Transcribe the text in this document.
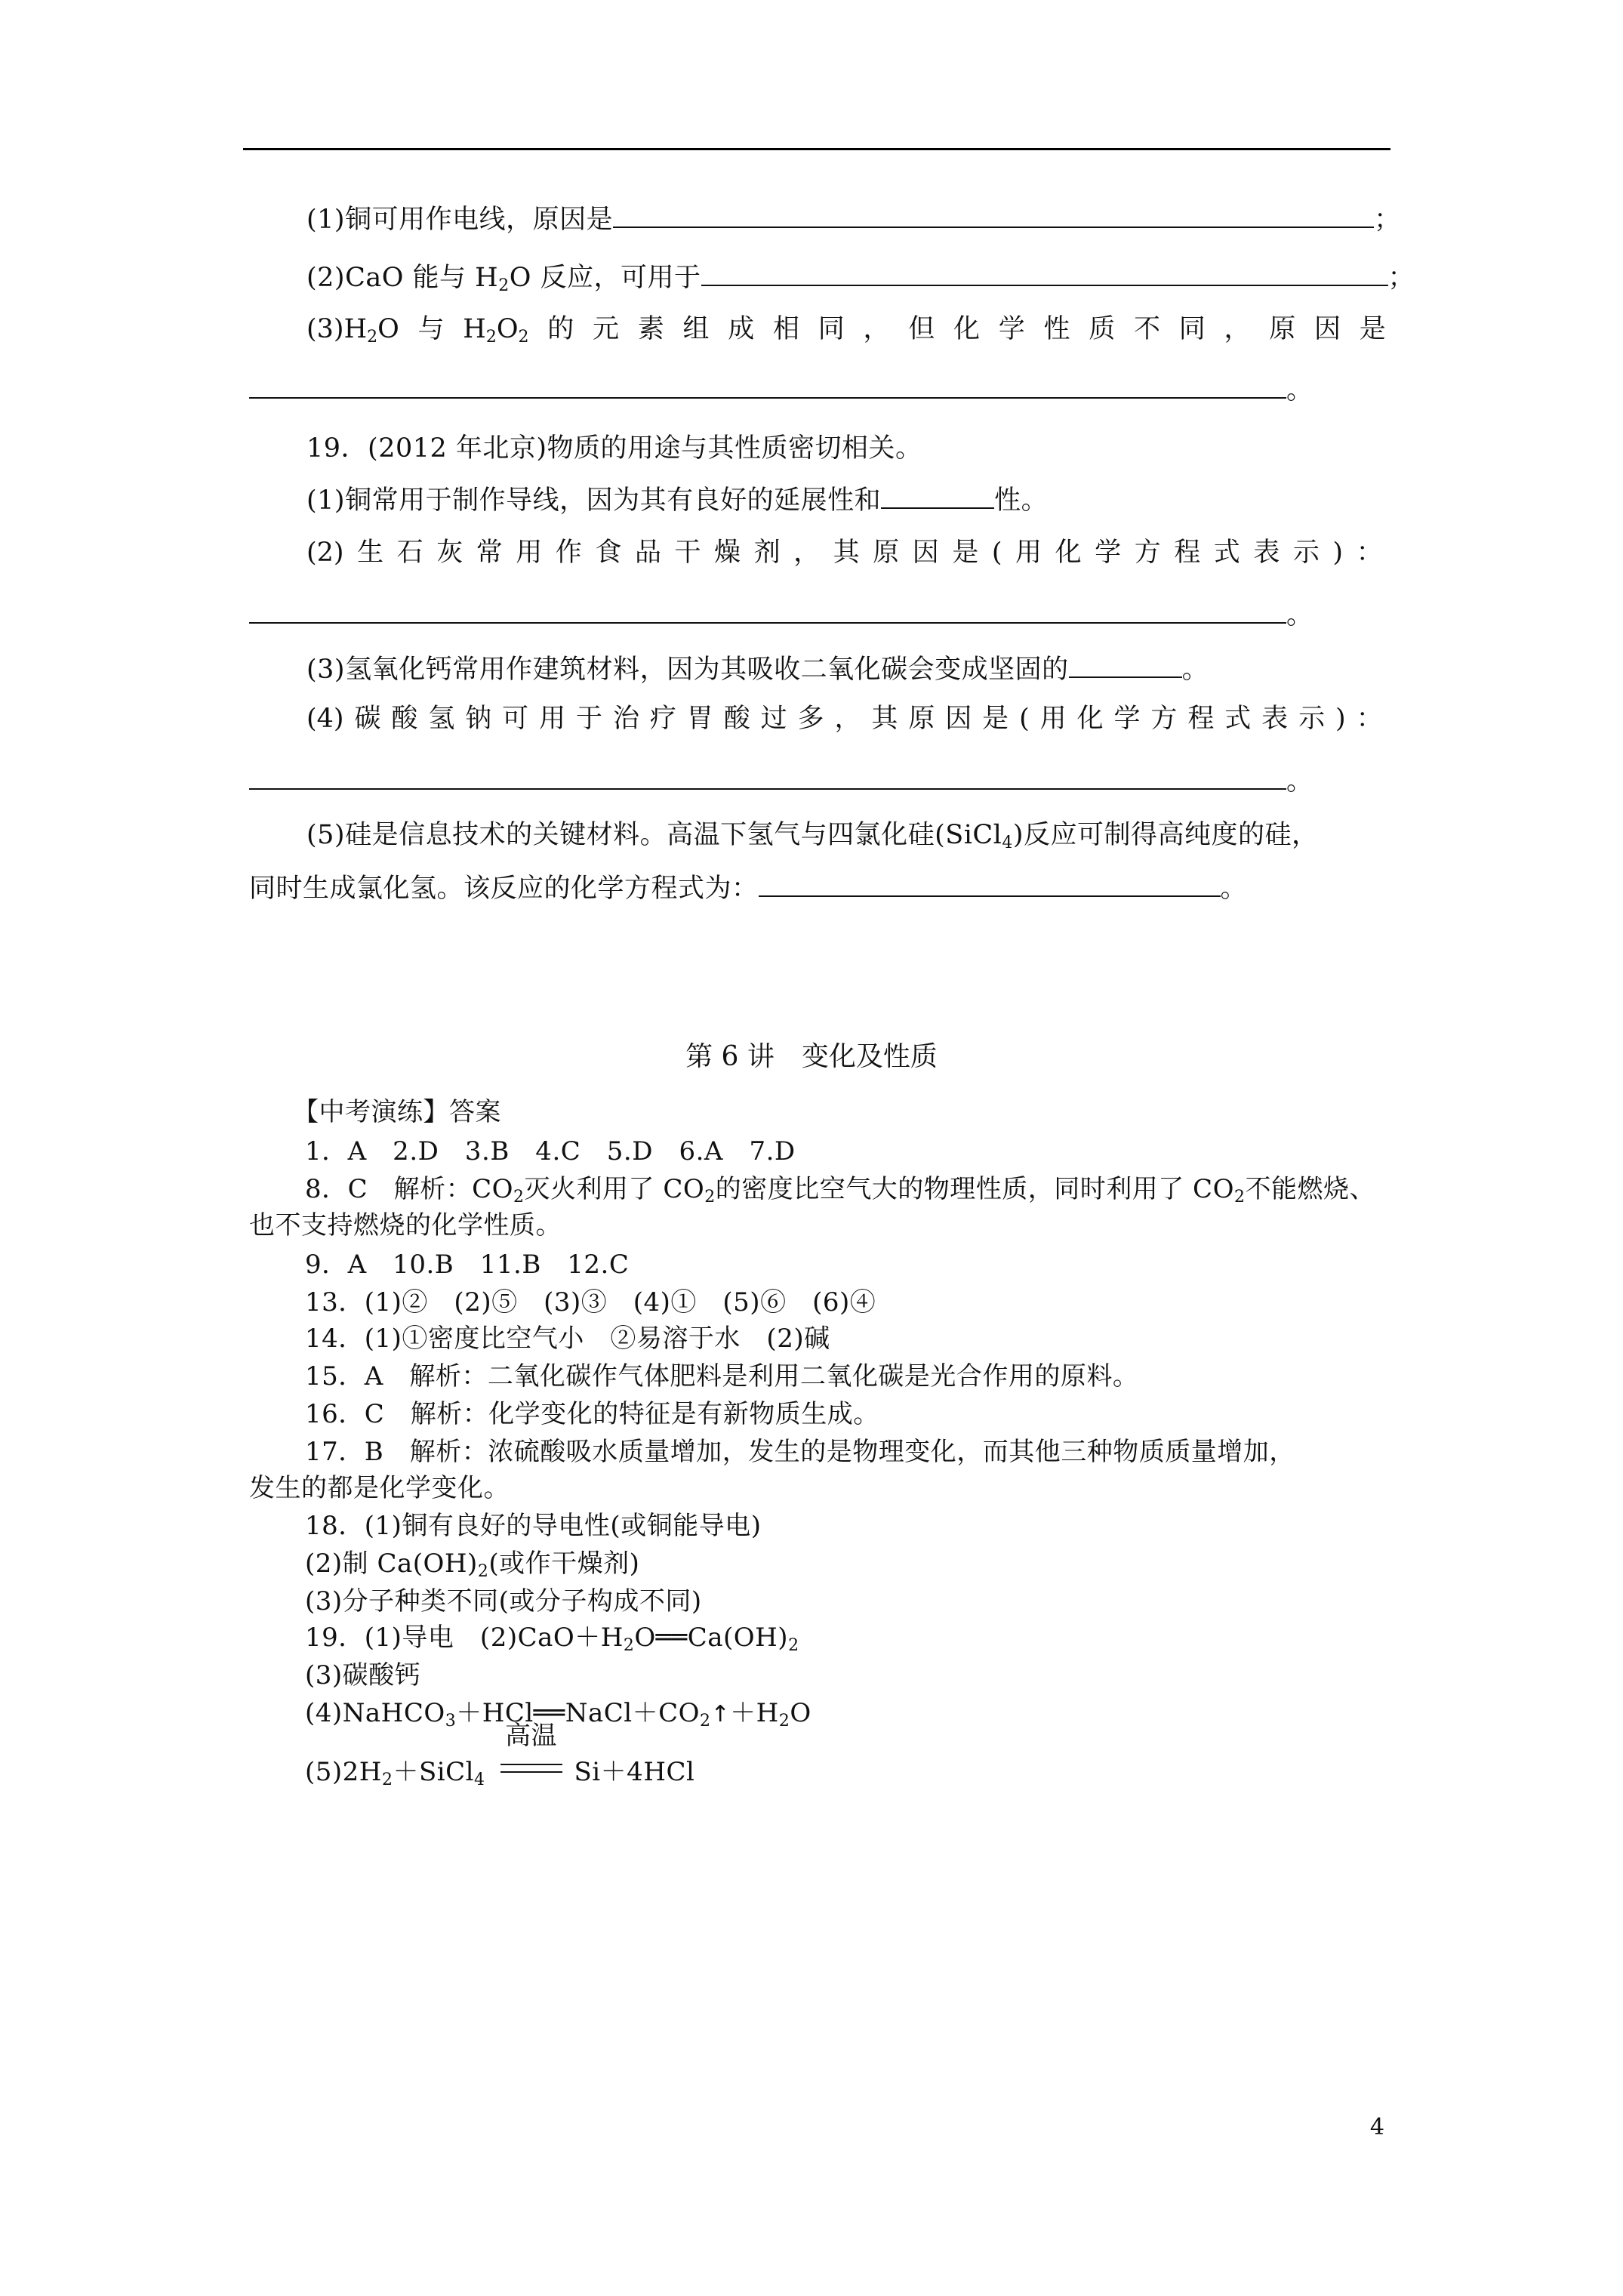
(1)铜可用作电线，原因是	；
(2)CaO 能与 $H_2O$ 反应，可用于	；
$(3)H_2O$ 与 $H_2O_2$ 的 元 素 组 成 相 同 ， 但 化 学 性 质 不 同 ， 原 因 是
。
19．(2012 年北京)物质的用途与其性质密切相关。
(1)铜常用于制作导线，因为其有良好的延展性和	性。
(2) 生 石 灰 常 用 作 食 品 干 燥 剂 ， 其 原 因 是 ( 用 化 学 方 程 式 表 示 ) ：
。
(3)氢氧化钙常用作建筑材料，因为其吸收二氧化碳会变成坚固的	。
(4) 碳 酸 氢 钠 可 用 于 治 疗 胃 酸 过 多 ， 其 原 因 是 ( 用 化 学 方 程 式 表 示 ) ：
。
(5)硅是信息技术的关键材料。高温下氢气与四氯化硅(SiCl$_4$)反应可制得高纯度的硅，
同时生成氯化氢。该反应的化学方程式为：	。
第 6 讲　变化及性质
【中考演练】答案
1．A　2.D　3.B　4.C　5.D　6.A　7.D
8．C　解析：$CO_2$灭火利用了 $CO_2$的密度比空气大的物理性质，同时利用了 $CO_2$不能燃烧、
也不支持燃烧的化学性质。
9．A　10.B　11.B　12.C
13．(1)②　(2)⑤　(3)③　(4)①　(5)⑥　(6)④
14．(1)①密度比空气小　②易溶于水　(2)碱
15．A　解析：二氧化碳作气体肥料是利用二氧化碳是光合作用的原料。
16．C　解析：化学变化的特征是有新物质生成。
17．B　解析：浓硫酸吸水质量增加，发生的是物理变化，而其他三种物质质量增加，
发生的都是化学变化。
18．(1)铜有良好的导电性(或铜能导电)
(2)制 $Ca(OH)_2$(或作干燥剂)
(3)分子种类不同(或分子构成不同)
19．(1)导电　$(2)CaO+H_2O══Ca(OH)_2$
(3)碳酸钙
$(4)NaHCO_3+HCl══NaCl+CO_2↑+H_2O$
$(5)2H_2+SiCl_4$
高温
Si＋4HCl
4
